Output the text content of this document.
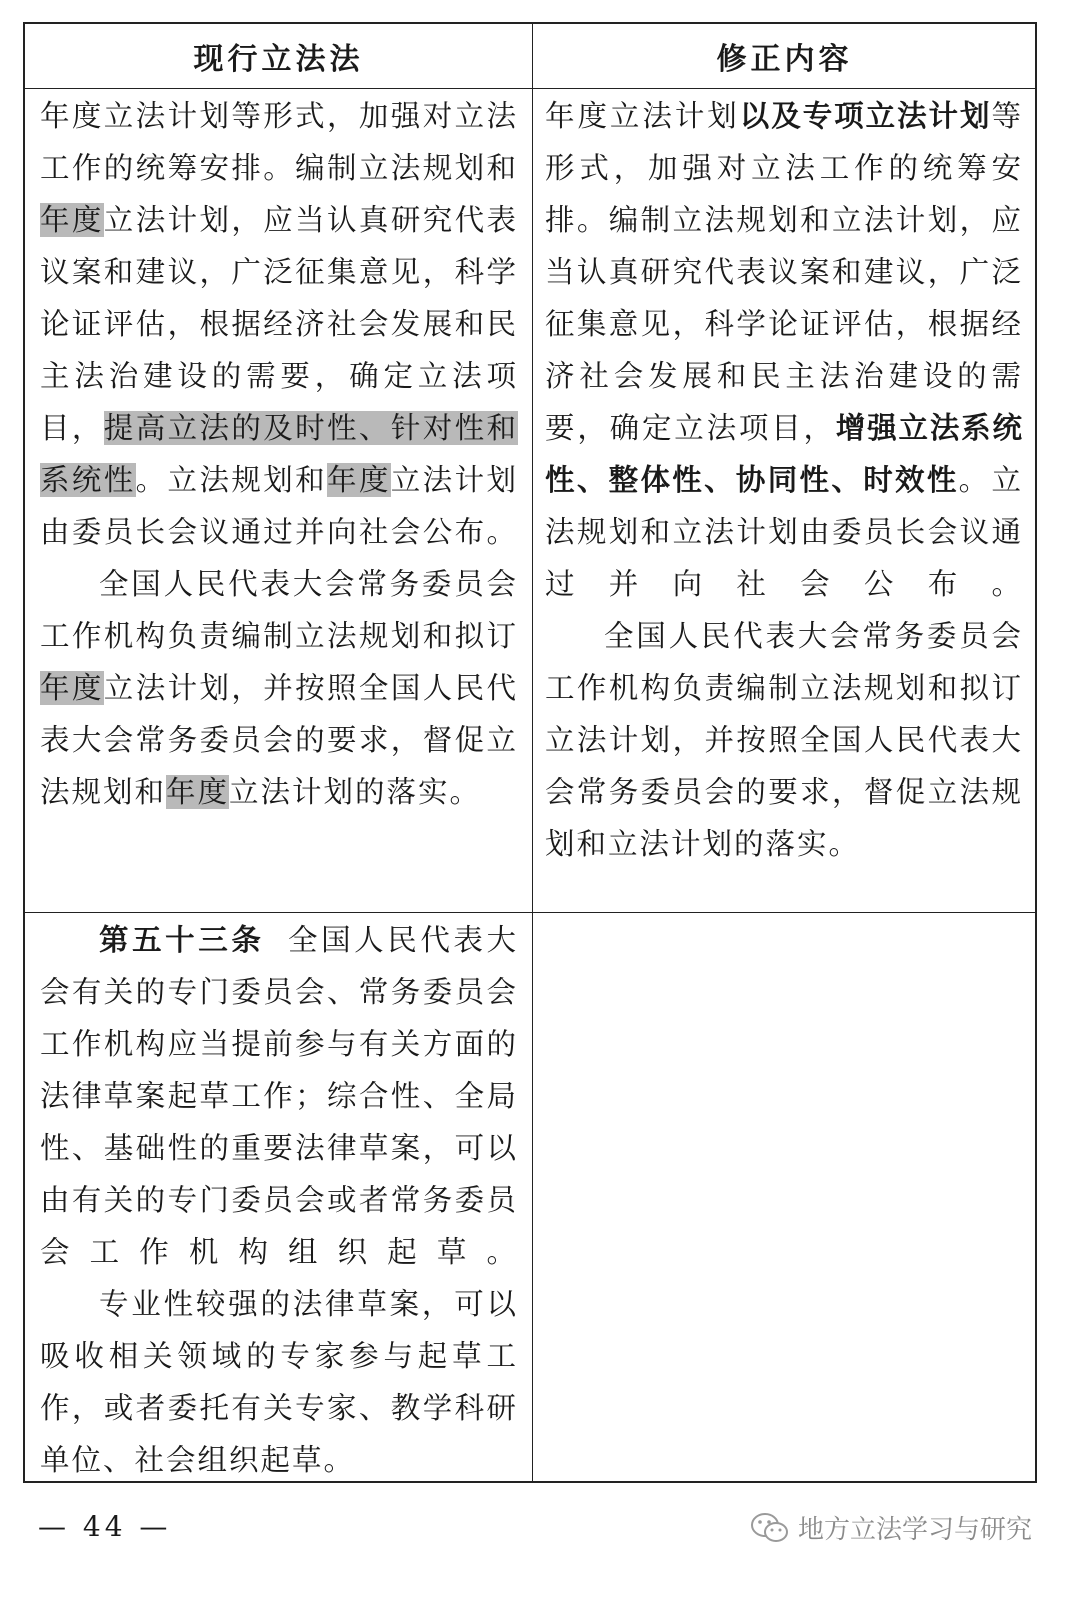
现行立法法	修正内容
年度立法计划等形式，加强对立法工作的统筹安排。编制立法规划和年度立法计划，应当认真研究代表议案和建议，广泛征集意见，科学论证评估，根据经济社会发展和民主法治建设的需要，确定立法项目，提高立法的及时性、针对性和系统性。立法规划和年度立法计划由委员长会议通过并向社会公布。
全国人民代表大会常务委员会工作机构负责编制立法规划和拟订年度立法计划，并按照全国人民代表大会常务委员会的要求，督促立法规划和年度立法计划的落实。
年度立法计划以及专项立法计划等形式，加强对立法工作的统筹安排。编制立法规划和立法计划，应当认真研究代表议案和建议，广泛征集意见，科学论证评估，根据经济社会发展和民主法治建设的需要，确定立法项目，增强立法系统性、整体性、协同性、时效性。立法规划和立法计划由委员长会议通过并向社会公布。
全国人民代表大会常务委员会工作机构负责编制立法规划和拟订立法计划，并按照全国人民代表大会常务委员会的要求，督促立法规划和立法计划的落实。
第五十三条 全国人民代表大会有关的专门委员会、常务委员会工作机构应当提前参与有关方面的法律草案起草工作；综合性、全局性、基础性的重要法律草案，可以由有关的专门委员会或者常务委员会工作机构组织起草。
专业性较强的法律草案，可以吸收相关领域的专家参与起草工作，或者委托有关专家、教学科研单位、社会组织起草。
— 44 —	地方立法学习与研究
